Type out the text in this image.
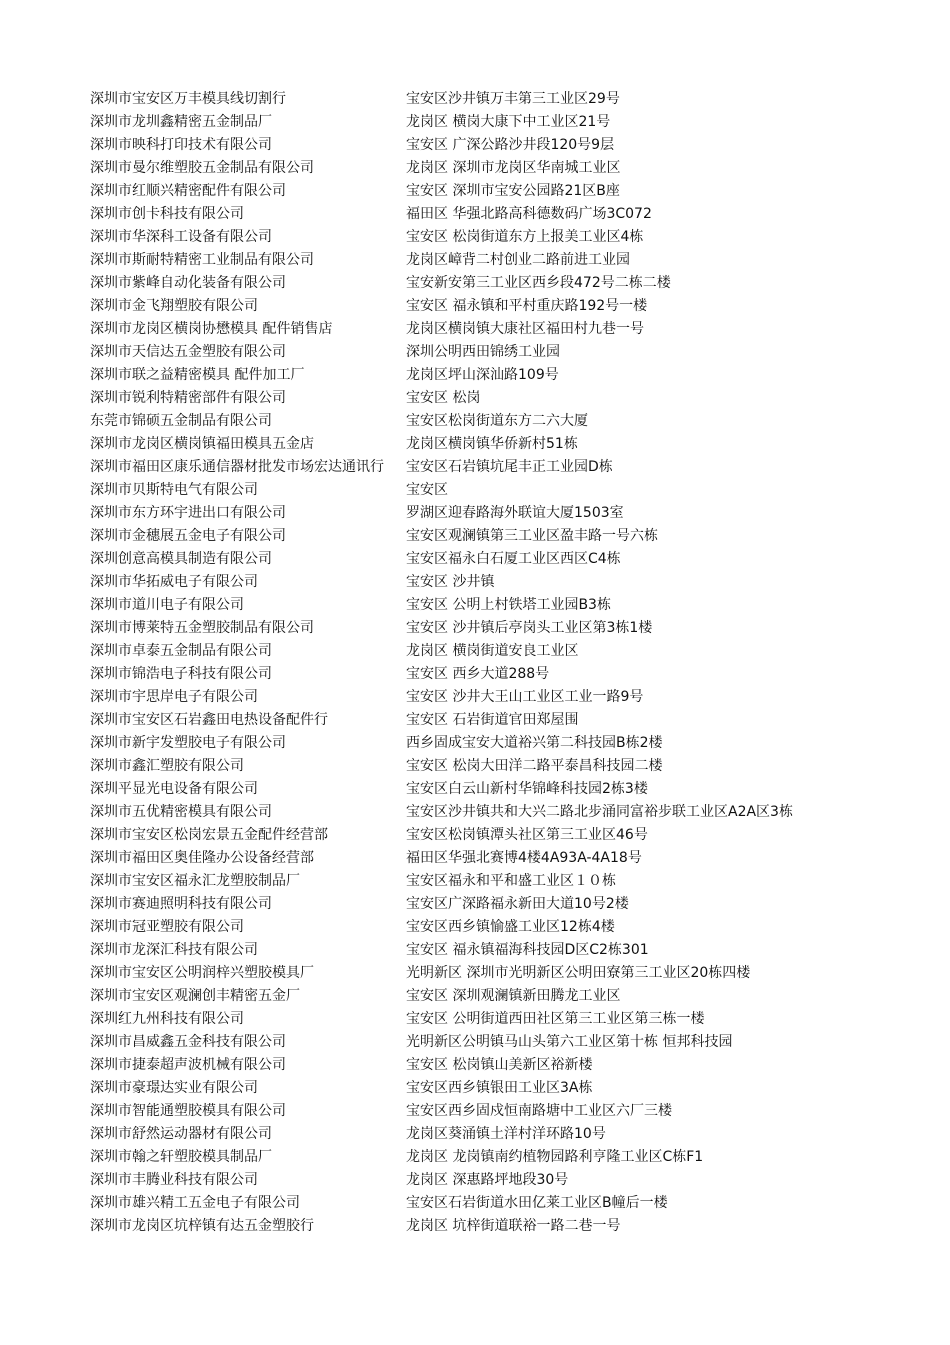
深圳市宝安区万丰模具线切割行	宝安区沙井镇万丰第三工业区29号
深圳市龙圳鑫精密五金制品厂	龙岗区 横岗大康下中工业区21号
深圳市映科打印技术有限公司	宝安区 广深公路沙井段120号9层
深圳市曼尔维塑胶五金制品有限公司	龙岗区 深圳市龙岗区华南城工业区
深圳市红顺兴精密配件有限公司	宝安区 深圳市宝安公园路21区B座
深圳市创卡科技有限公司	福田区 华强北路高科德数码广场3C072
深圳市华深科工设备有限公司	宝安区 松岗街道东方上报美工业区4栋
深圳市斯耐特精密工业制品有限公司	龙岗区嶂背二村创业二路前进工业园
深圳市紫峰自动化装备有限公司	宝安新安第三工业区西乡段472号二栋二楼
深圳市金飞翔塑胶有限公司	宝安区 福永镇和平村重庆路192号一楼
深圳市龙岗区横岗协懋模具 配件销售店	龙岗区横岗镇大康社区福田村九巷一号
深圳市天信达五金塑胶有限公司	深圳公明西田锦绣工业园
深圳市联之益精密模具 配件加工厂	龙岗区坪山深汕路109号
深圳市锐利特精密部件有限公司	宝安区 松岗
东莞市锦硕五金制品有限公司	宝安区松岗街道东方二六大厦
深圳市龙岗区横岗镇福田模具五金店	龙岗区横岗镇华侨新村51栋
深圳市福田区康乐通信器材批发市场宏达通讯行 宝安区石岩镇坑尾丰正工业园D栋
深圳市贝斯特电气有限公司	宝安区
深圳市东方环宇进出口有限公司	罗湖区迎春路海外联谊大厦1503室
深圳市金穗展五金电子有限公司	宝安区观澜镇第三工业区盈丰路一号六栋
深圳创意高模具制造有限公司	宝安区福永白石厦工业区西区C4栋
深圳市华拓威电子有限公司	宝安区 沙井镇
深圳市道川电子有限公司	宝安区 公明上村铁塔工业园B3栋
深圳市博莱特五金塑胶制品有限公司	宝安区 沙井镇后亭岗头工业区第3栋1楼
深圳市卓泰五金制品有限公司	龙岗区 横岗街道安良工业区
深圳市锦浩电子科技有限公司	宝安区 西乡大道288号
深圳市宇思岸电子有限公司	宝安区 沙井大王山工业区工业一路9号
深圳市宝安区石岩鑫田电热设备配件行	宝安区 石岩街道官田郑屋围
深圳市新宇发塑胶电子有限公司	西乡固成宝安大道裕兴第二科技园B栋2楼
深圳市鑫汇塑胶有限公司	宝安区 松岗大田洋二路平泰昌科技园二楼
深圳平显光电设备有限公司	宝安区白云山新村华锦峰科技园2栋3楼
深圳市五优精密模具有限公司	宝安区沙井镇共和大兴二路北步涌同富裕步联工业区A2A区3栋
深圳市宝安区松岗宏景五金配件经营部	宝安区松岗镇潭头社区第三工业区46号
深圳市福田区奥佳隆办公设备经营部	福田区华强北赛博4楼4A93A-4A18号
深圳市宝安区福永汇龙塑胶制品厂	宝安区福永和平和盛工业区１０栋
深圳市赛迪照明科技有限公司	宝安区广深路福永新田大道10号2楼
深圳市冠亚塑胶有限公司	宝安区西乡镇愉盛工业区12栋4楼
深圳市龙深汇科技有限公司	宝安区 福永镇福海科技园D区C2栋301
深圳市宝安区公明润梓兴塑胶模具厂	光明新区 深圳市光明新区公明田寮第三工业区20栋四楼
深圳市宝安区观澜创丰精密五金厂	宝安区 深圳观澜镇新田腾龙工业区
深圳红九州科技有限公司	宝安区 公明街道西田社区第三工业区第三栋一楼
深圳市昌威鑫五金科技有限公司	光明新区公明镇马山头第六工业区第十栋 恒邦科技园
深圳市捷泰超声波机械有限公司	宝安区 松岗镇山美新区裕新楼
深圳市豪璟达实业有限公司	宝安区西乡镇银田工业区3A栋
深圳市智能通塑胶模具有限公司	宝安区西乡固戍恒南路塘中工业区六厂三楼
深圳市舒然运动器材有限公司	龙岗区葵涌镇土洋村洋环路10号
深圳市翰之轩塑胶模具制品厂	龙岗区 龙岗镇南约植物园路利亨隆工业区C栋F1
深圳市丰腾业科技有限公司	龙岗区 深惠路坪地段30号
深圳市雄兴精工五金电子有限公司	宝安区石岩街道水田亿莱工业区B幢后一楼
深圳市龙岗区坑梓镇有达五金塑胶行	龙岗区 坑梓街道联裕一路二巷一号
